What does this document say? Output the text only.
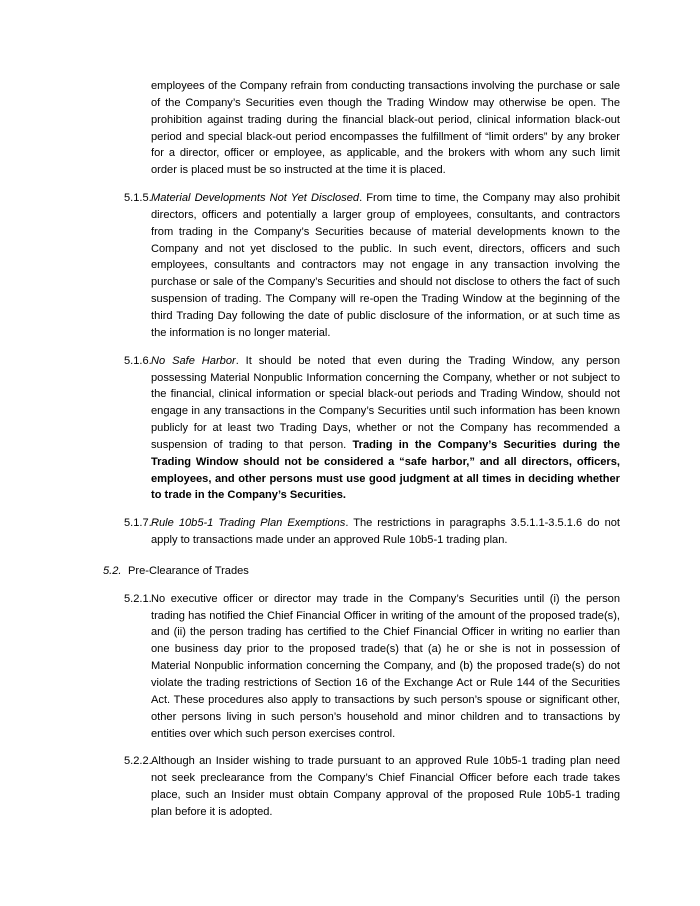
employees of the Company refrain from conducting transactions involving the purchase or sale of the Company’s Securities even though the Trading Window may otherwise be open. The prohibition against trading during the financial black-out period, clinical information black-out period and special black-out period encompasses the fulfillment of “limit orders” by any broker for a director, officer or employee, as applicable, and the brokers with whom any such limit order is placed must be so instructed at the time it is placed.

5.1.5. Material Developments Not Yet Disclosed. From time to time, the Company may also prohibit directors, officers and potentially a larger group of employees, consultants, and contractors from trading in the Company’s Securities because of material developments known to the Company and not yet disclosed to the public. In such event, directors, officers and such employees, consultants and contractors may not engage in any transaction involving the purchase or sale of the Company’s Securities and should not disclose to others the fact of such suspension of trading. The Company will re-open the Trading Window at the beginning of the third Trading Day following the date of public disclosure of the information, or at such time as the information is no longer material.
5.1.6. No Safe Harbor. It should be noted that even during the Trading Window, any person possessing Material Nonpublic Information concerning the Company, whether or not subject to the financial, clinical information or special black-out periods and Trading Window, should not engage in any transactions in the Company’s Securities until such information has been known publicly for at least two Trading Days, whether or not the Company has recommended a suspension of trading to that person. Trading in the Company’s Securities during the Trading Window should not be considered a “safe harbor,” and all directors, officers, employees, and other persons must use good judgment at all times in deciding whether to trade in the Company’s Securities.
5.1.7. Rule 10b5-1 Trading Plan Exemptions. The restrictions in paragraphs 3.5.1.1-3.5.1.6 do not apply to transactions made under an approved Rule 10b5-1 trading plan.
5.2. Pre-Clearance of Trades
5.2.1. No executive officer or director may trade in the Company’s Securities until (i) the person trading has notified the Chief Financial Officer in writing of the amount of the proposed trade(s), and (ii) the person trading has certified to the Chief Financial Officer in writing no earlier than one business day prior to the proposed trade(s) that (a) he or she is not in possession of Material Nonpublic information concerning the Company, and (b) the proposed trade(s) do not violate the trading restrictions of Section 16 of the Exchange Act or Rule 144 of the Securities Act. These procedures also apply to transactions by such person’s spouse or significant other, other persons living in such person’s household and minor children and to transactions by entities over which such person exercises control.
5.2.2. Although an Insider wishing to trade pursuant to an approved Rule 10b5-1 trading plan need not seek preclearance from the Company’s Chief Financial Officer before each trade takes place, such an Insider must obtain Company approval of the proposed Rule 10b5-1 trading plan before it is adopted.
